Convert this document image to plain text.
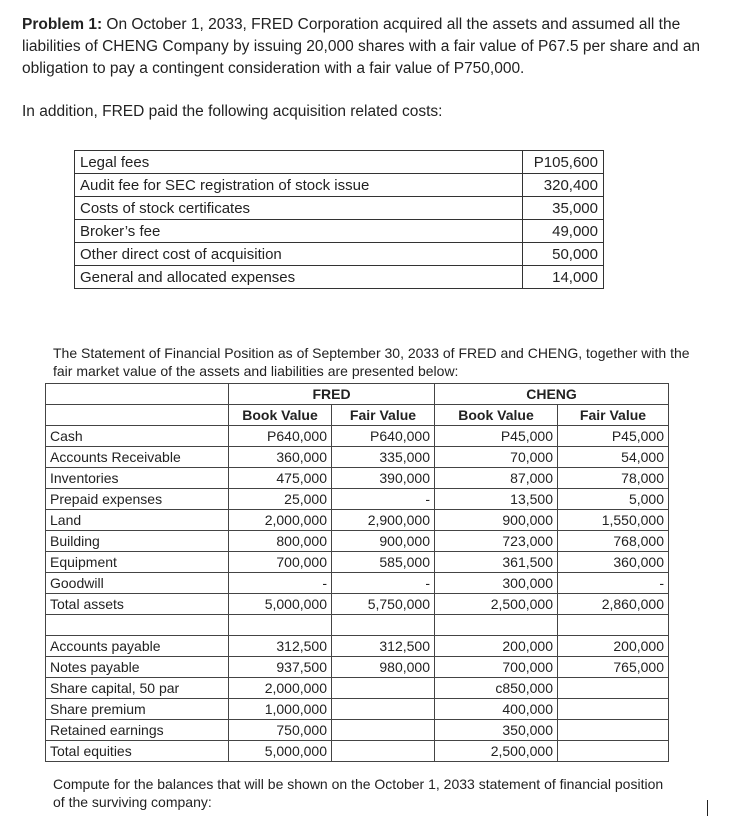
Problem 1: On October 1, 2033, FRED Corporation acquired all the assets and assumed all the liabilities of CHENG Company by issuing 20,000 shares with a fair value of P67.5 per share and an obligation to pay a contingent consideration with a fair value of P750,000.

In addition, FRED paid the following acquisition related costs:

Legal fees	P105,600
Audit fee for SEC registration of stock issue	320,400
Costs of stock certificates	35,000
Broker’s fee	49,000
Other direct cost of acquisition	50,000
General and allocated expenses	14,000

The Statement of Financial Position as of September 30, 2033 of FRED and CHENG, together with the fair market value of the assets and liabilities are presented below:

	FRED		CHENG	
	Book Value	Fair Value	Book Value	Fair Value
Cash	P640,000	P640,000	P45,000	P45,000
Accounts Receivable	360,000	335,000	70,000	54,000
Inventories	475,000	390,000	87,000	78,000
Prepaid expenses	25,000	-	13,500	5,000
Land	2,000,000	2,900,000	900,000	1,550,000
Building	800,000	900,000	723,000	768,000
Equipment	700,000	585,000	361,500	360,000
Goodwill	-	-	300,000	-
Total assets	5,000,000	5,750,000	2,500,000	2,860,000

Accounts payable	312,500	312,500	200,000	200,000
Notes payable	937,500	980,000	700,000	765,000
Share capital, 50 par	2,000,000		c850,000	
Share premium	1,000,000		400,000	
Retained earnings	750,000		350,000	
Total equities	5,000,000		2,500,000	

Compute for the balances that will be shown on the October 1, 2033 statement of financial position of the surviving company:
